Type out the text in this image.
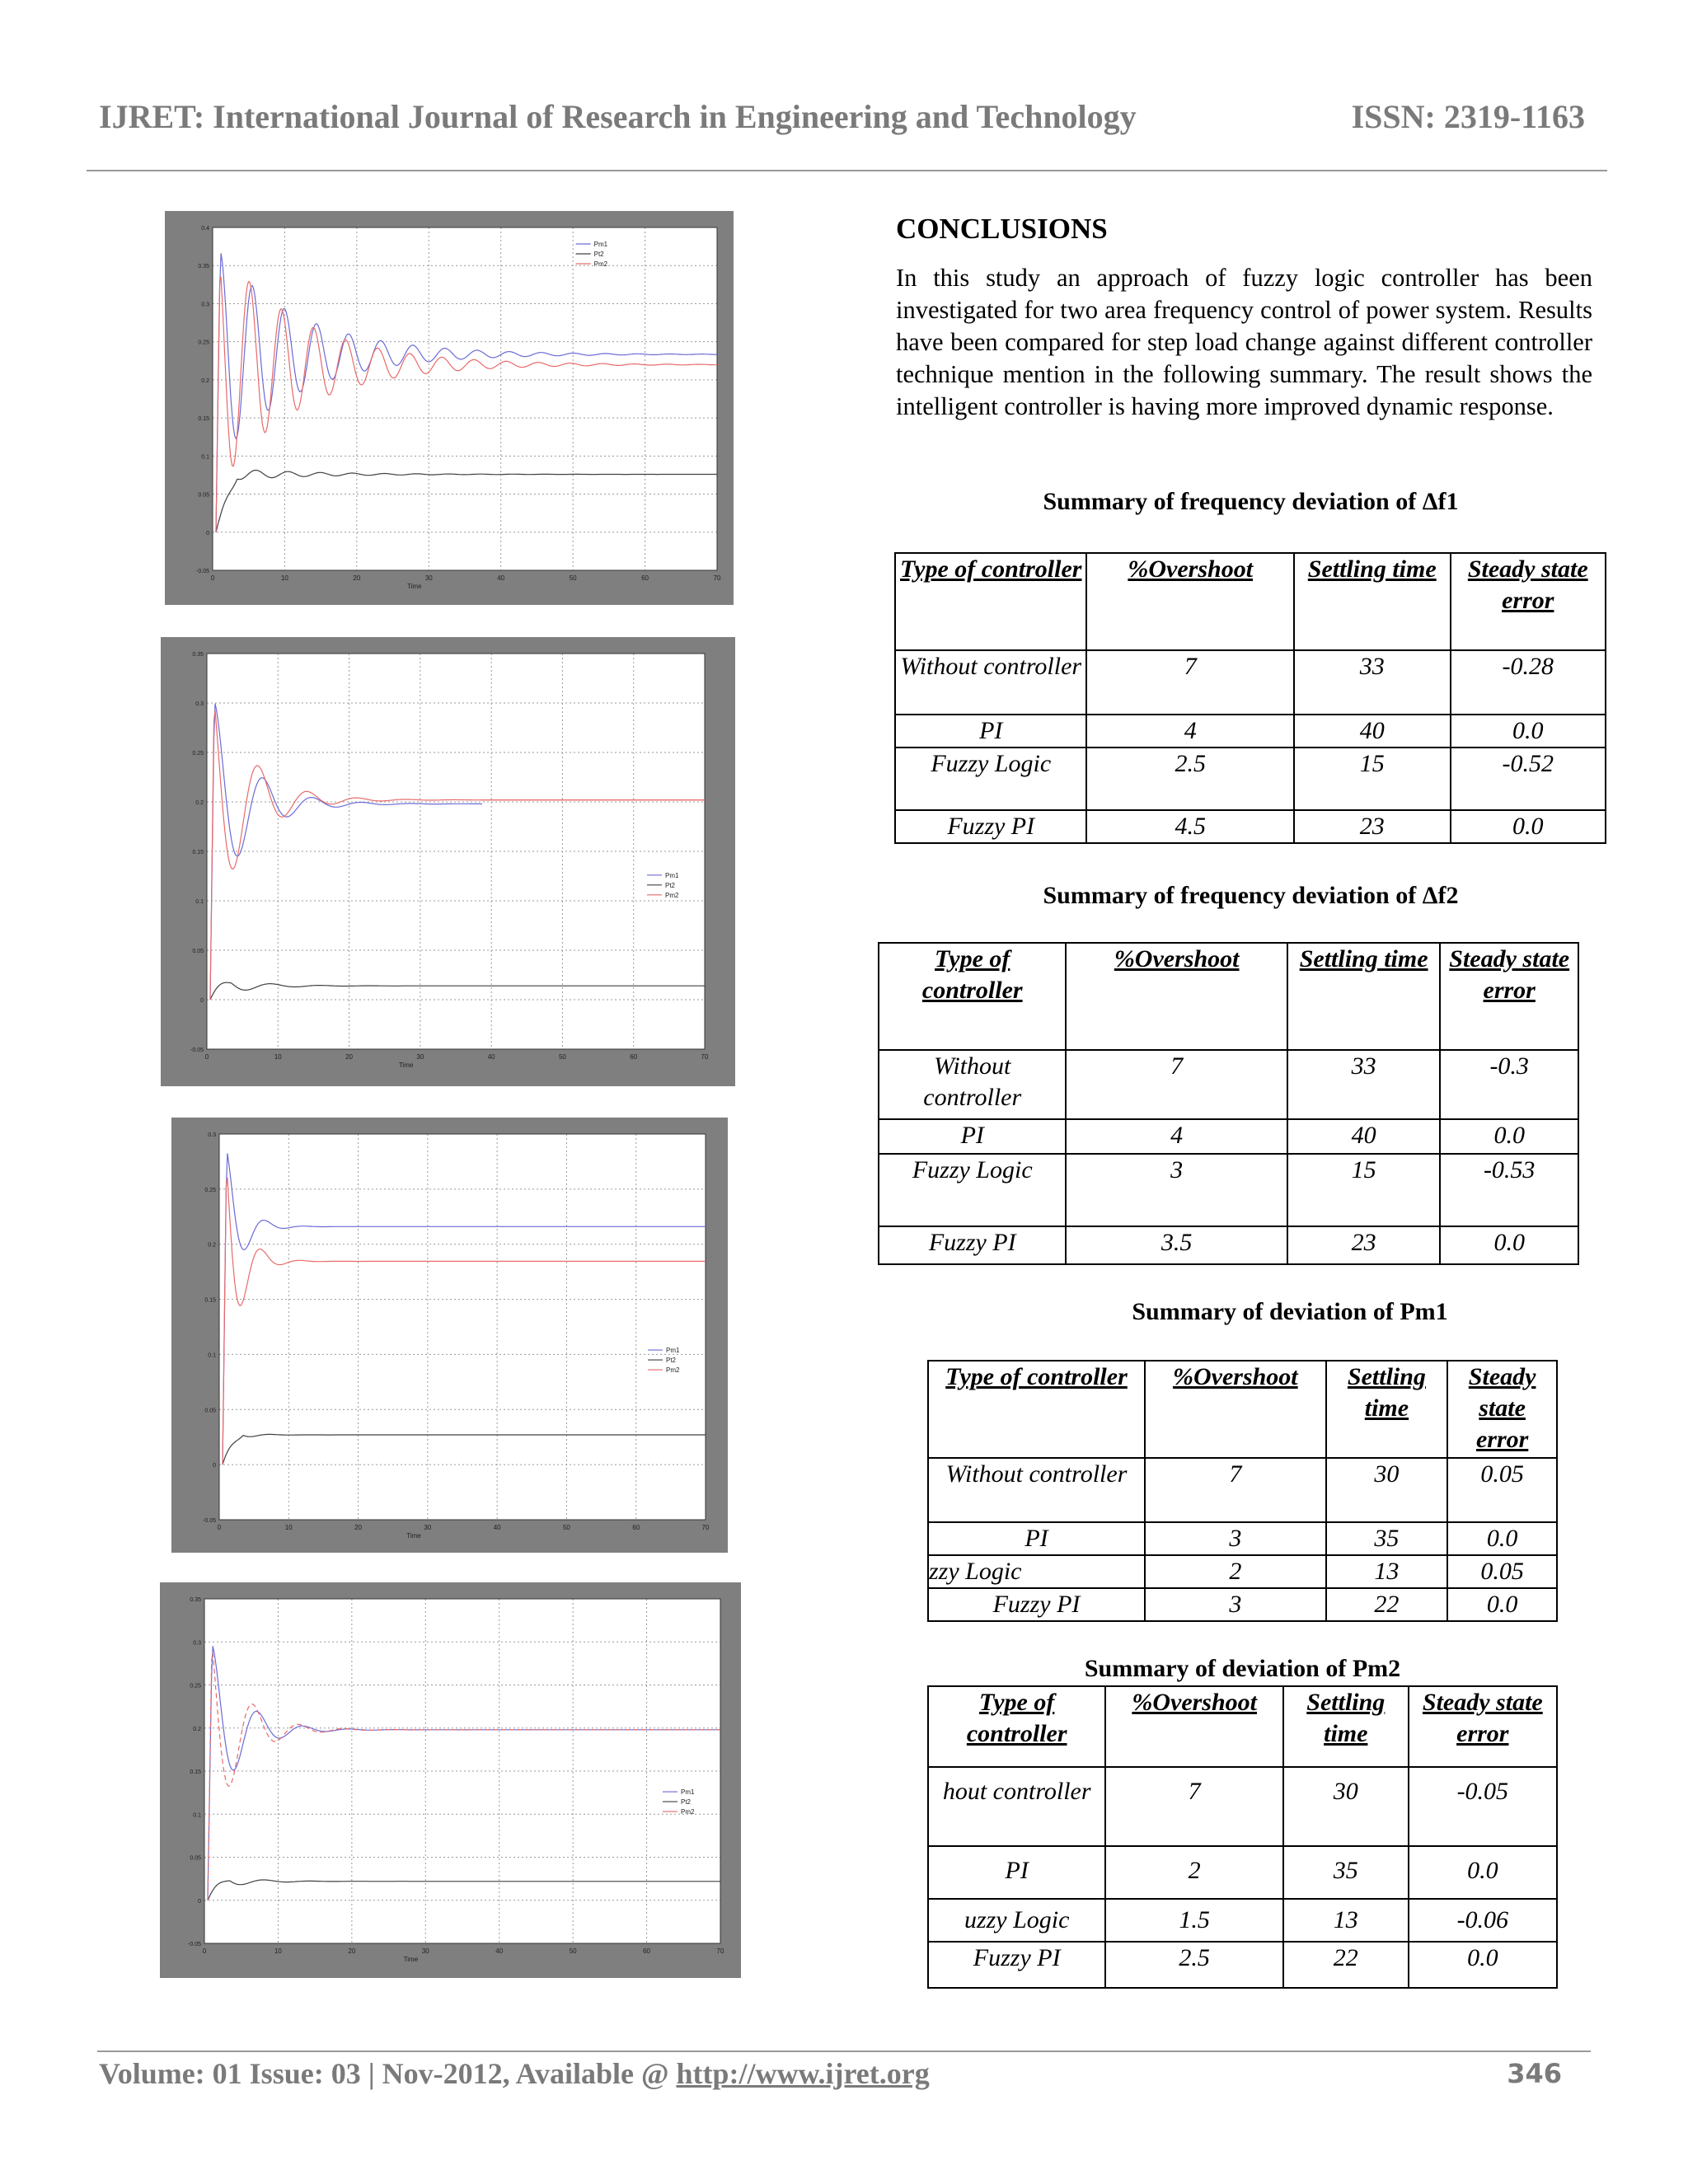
IJRET: International Journal of Research in Engineering and Technology	ISSN: 2319-1163
0	10	20	30	40	50	60	70
0.4
0.35
0.3
0.25
0.2
0.15
0.1
0.05
0
-0.05
Time
Pm1
Pt2
Pm2
0	10	20	30	40	50	60	70
0.35
0.3
0.25
0.2
0.15
0.1
0.05
0
-0.05
Time
Pm1
Pt2
Pm2
0	10	20	30	40	50	60	70
0.3
0.25
0.2
0.15
0.1
0.05
0
-0.05
Time
Pm1
Pt2
Pm2
0	10	20	30	40	50	60	70
0.35
0.3
0.25
0.2
0.15
0.1
0.05
0
-0.05
Time
Pm1
Pt2
Pm2
CONCLUSIONS
In this study an approach of fuzzy logic controller has been investigated for two area frequency control of power system. Results have been compared for step load change against different controller technique mention in the following summary. The result shows the intelligent controller is having more improved dynamic response.
Summary of frequency deviation of Δf1
Type of controller	%Overshoot	Settling time	Steady state error
Without controller	7	33	-0.28
PI	4	40	0.0
Fuzzy Logic	2.5	15	-0.52
Fuzzy PI	4.5	23	0.0
Summary of frequency deviation of Δf2
Type of controller	%Overshoot	Settling time	Steady state error
Without controller	7	33	-0.3
PI	4	40	0.0
Fuzzy Logic	3	15	-0.53
Fuzzy PI	3.5	23	0.0
Summary of deviation of Pm1
Type of controller	%Overshoot	Settling time	Steady state error
Without controller	7	30	0.05
PI	3	35	0.0
zzy Logic	2	13	0.05
Fuzzy PI	3	22	0.0
Summary of deviation of Pm2
Type of controller	%Overshoot	Settling time	Steady state error
hout controller	7	30	-0.05
PI	2	35	0.0
uzzy Logic	1.5	13	-0.06
Fuzzy PI	2.5	22	0.0
Volume: 01 Issue: 03 | Nov-2012, Available @ http://www.ijret.org	346
